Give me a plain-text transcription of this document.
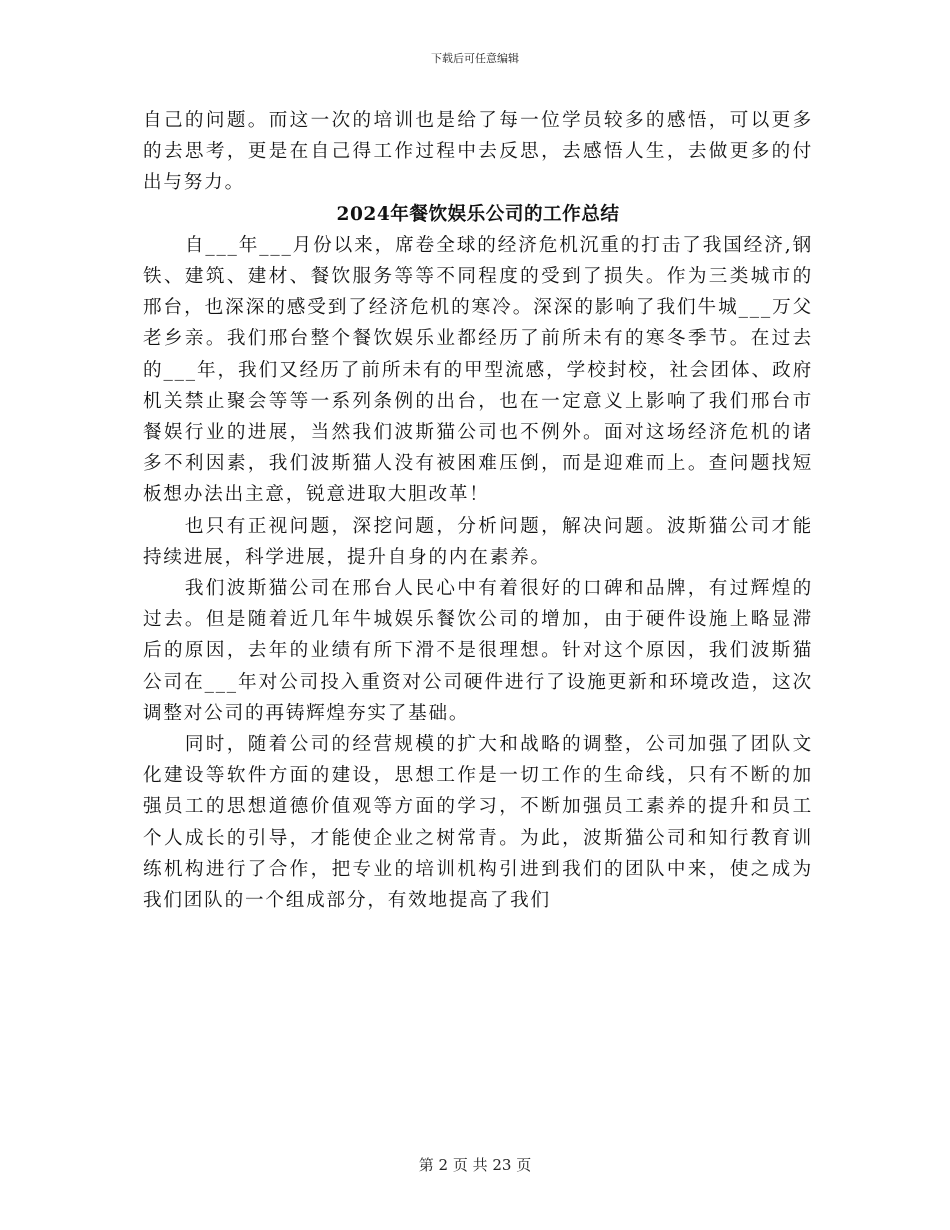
下载后可任意编辑

自己的问题。而这一次的培训也是给了每一位学员较多的感悟，可以更多的去思考，更是在自己得工作过程中去反思，去感悟人生，去做更多的付出与努力。

2024年餐饮娱乐公司的工作总结

自___年___月份以来，席卷全球的经济危机沉重的打击了我国经济,钢铁、建筑、建材、餐饮服务等等不同程度的受到了损失。作为三类城市的邢台，也深深的感受到了经济危机的寒冷。深深的影响了我们牛城___万父老乡亲。我们邢台整个餐饮娱乐业都经历了前所未有的寒冬季节。在过去的___年，我们又经历了前所未有的甲型流感，学校封校，社会团体、政府机关禁止聚会等等一系列条例的出台，也在一定意义上影响了我们邢台市餐娱行业的进展，当然我们波斯猫公司也不例外。面对这场经济危机的诸多不利因素，我们波斯猫人没有被困难压倒，而是迎难而上。查问题找短板想办法出主意，锐意进取大胆改革！

也只有正视问题，深挖问题，分析问题，解决问题。波斯猫公司才能持续进展，科学进展，提升自身的内在素养。

我们波斯猫公司在邢台人民心中有着很好的口碑和品牌，有过辉煌的过去。但是随着近几年牛城娱乐餐饮公司的增加，由于硬件设施上略显滞后的原因，去年的业绩有所下滑不是很理想。针对这个原因，我们波斯猫公司在___年对公司投入重资对公司硬件进行了设施更新和环境改造，这次调整对公司的再铸辉煌夯实了基础。

同时，随着公司的经营规模的扩大和战略的调整，公司加强了团队文化建设等软件方面的建设，思想工作是一切工作的生命线，只有不断的加强员工的思想道德价值观等方面的学习，不断加强员工素养的提升和员工个人成长的引导，才能使企业之树常青。为此，波斯猫公司和知行教育训练机构进行了合作，把专业的培训机构引进到我们的团队中来，使之成为我们团队的一个组成部分，有效地提高了我们

第 2 页 共 23 页
